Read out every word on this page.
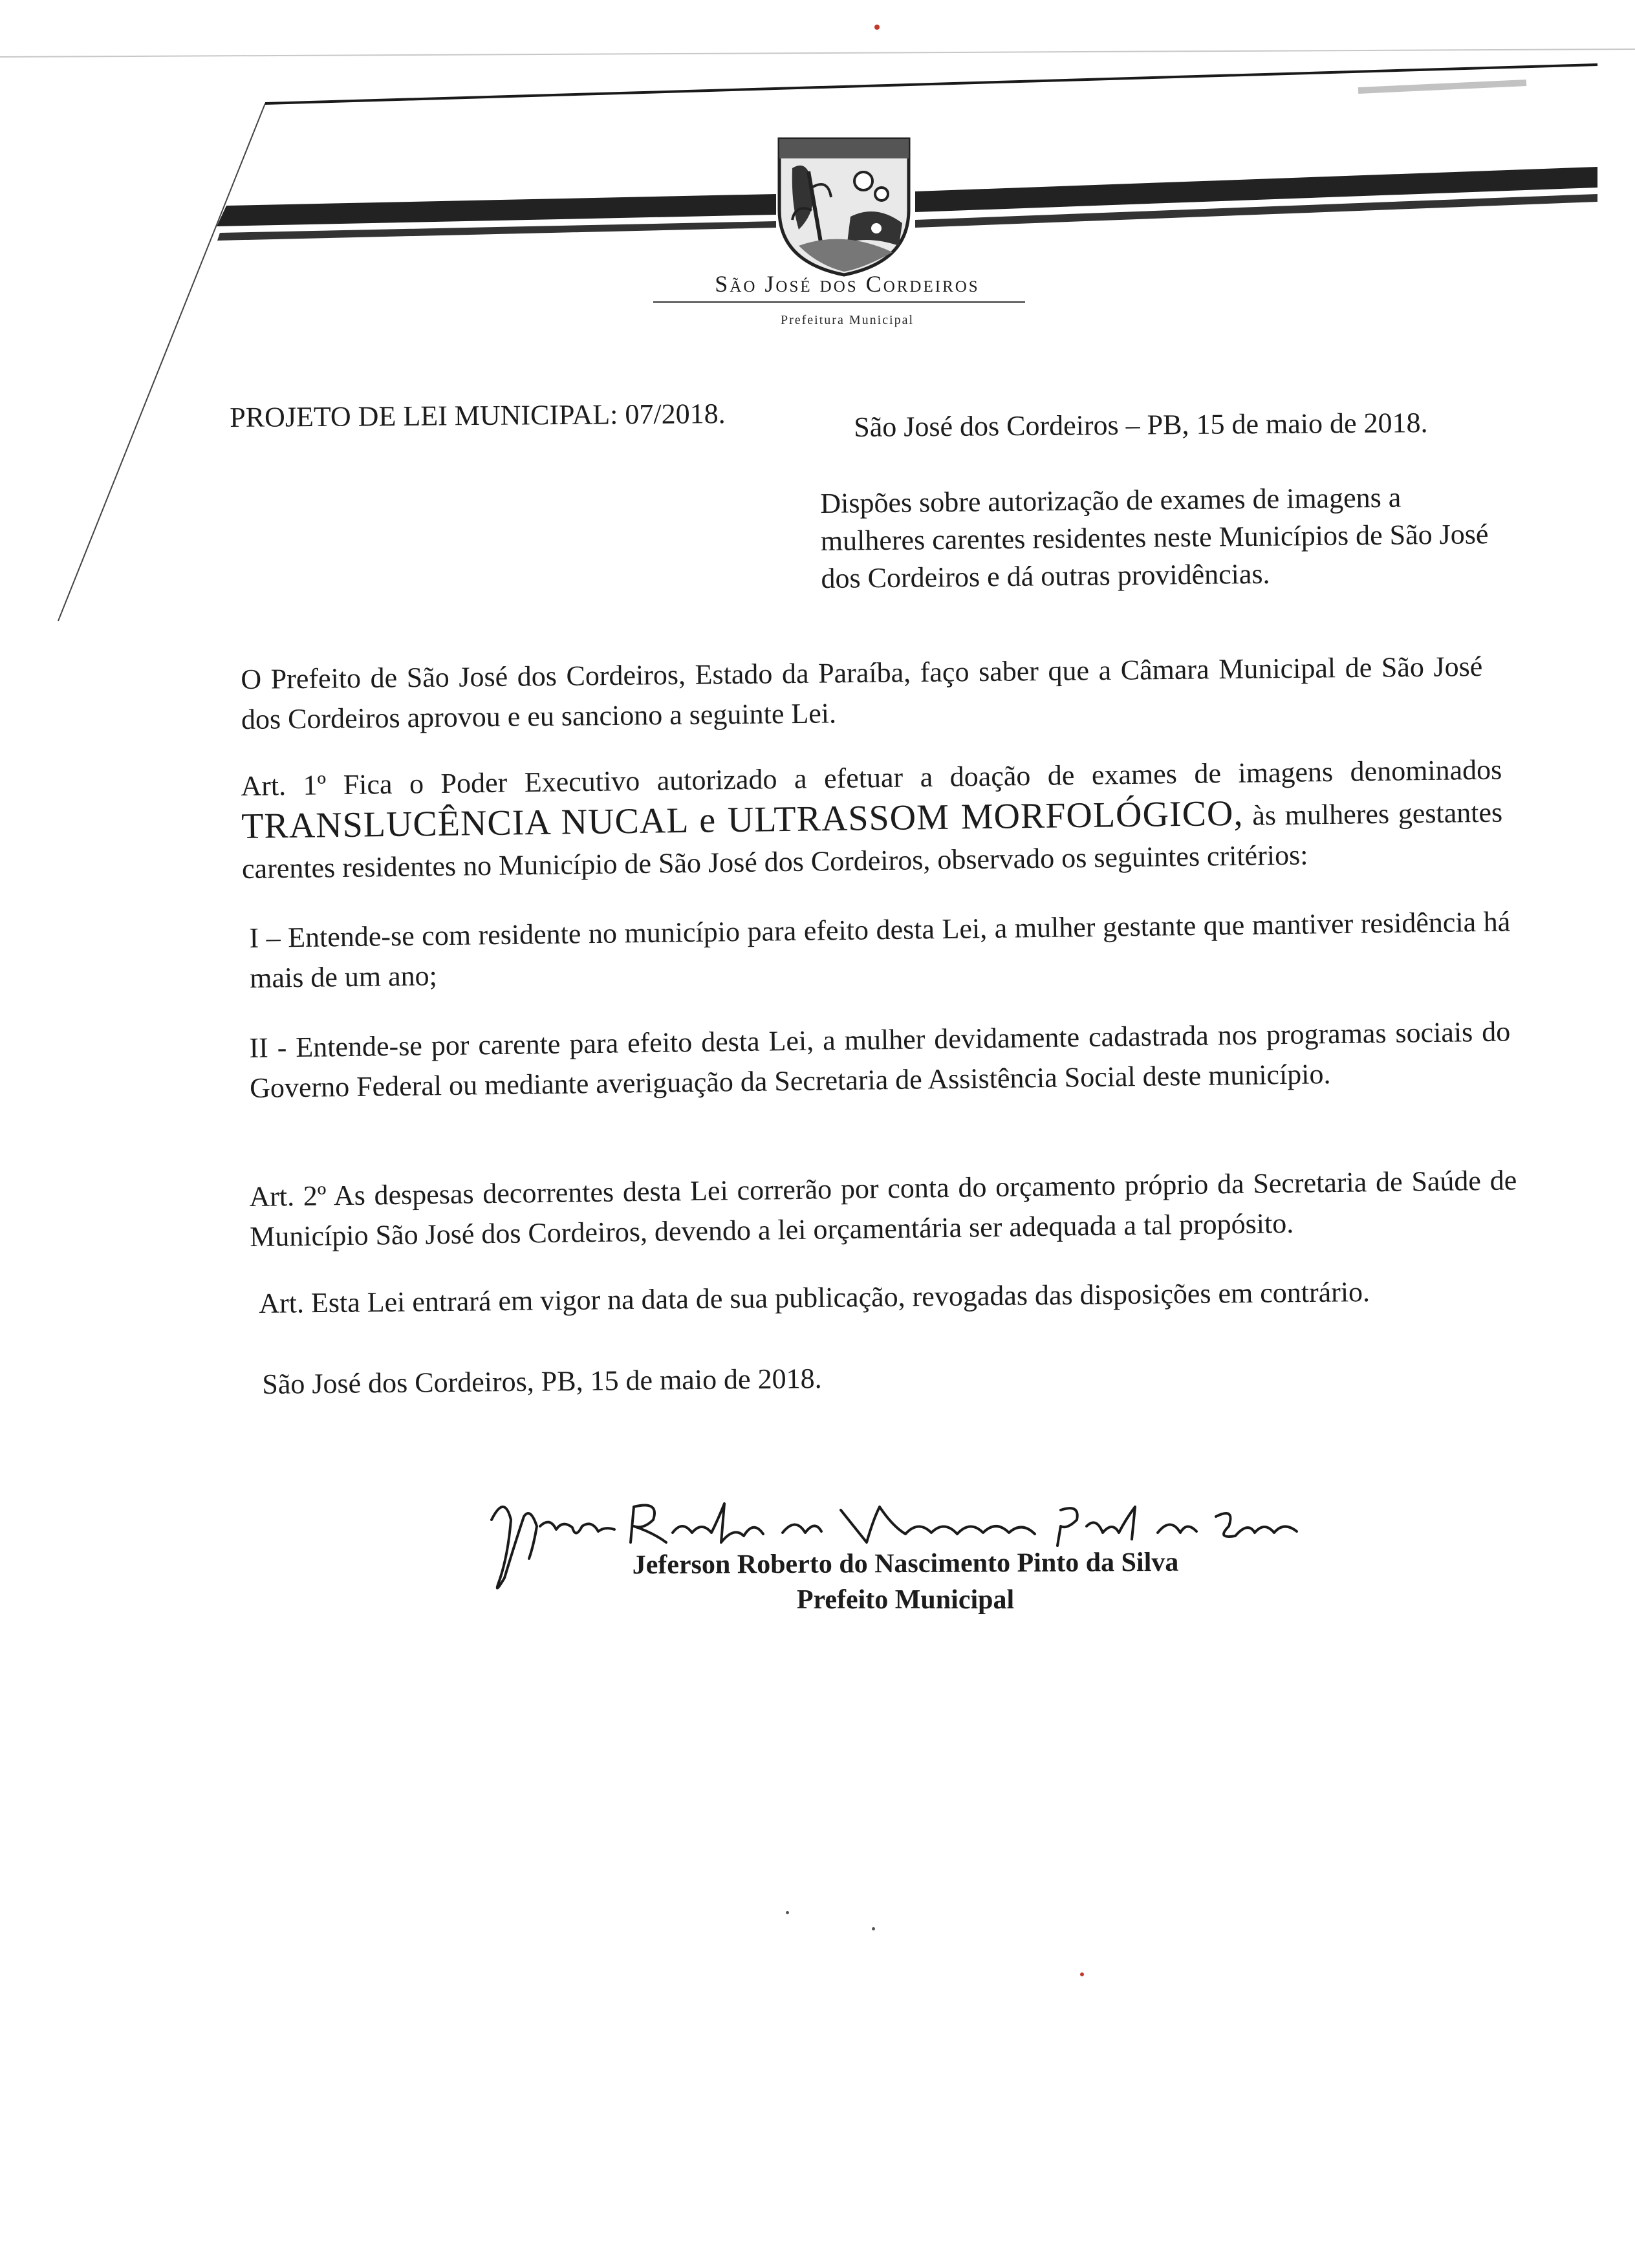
São José dos Cordeiros
Prefeitura Municipal
PROJETO DE LEI MUNICIPAL: 07/2018.	São José dos Cordeiros – PB, 15 de maio de 2018.
Dispões sobre autorização de exames de imagens a mulheres carentes residentes neste Municípios de São José dos Cordeiros e dá outras providências.
O Prefeito de São José dos Cordeiros, Estado da Paraíba, faço saber que a Câmara Municipal de São José dos Cordeiros aprovou e eu sanciono a seguinte Lei.
Art. 1º Fica o Poder Executivo autorizado a efetuar a doação de exames de imagens denominados TRANSLUCÊNCIA NUCAL e ULTRASSOM MORFOLÓGICO, às mulheres gestantes carentes residentes no Município de São José dos Cordeiros, observado os seguintes critérios:
I – Entende-se com residente no município para efeito desta Lei, a mulher gestante que mantiver residência há mais de um ano;
II - Entende-se por carente para efeito desta Lei, a mulher devidamente cadastrada nos programas sociais do Governo Federal ou mediante averiguação da Secretaria de Assistência Social deste município.
Art. 2º As despesas decorrentes desta Lei correrão por conta do orçamento próprio da Secretaria de Saúde de Município São José dos Cordeiros, devendo a lei orçamentária ser adequada a tal propósito.
Art. Esta Lei entrará em vigor na data de sua publicação, revogadas das disposições em contrário.
São José dos Cordeiros, PB, 15 de maio de 2018.
Jeferson Roberto do Nascimento Pinto da Silva
Prefeito Municipal
